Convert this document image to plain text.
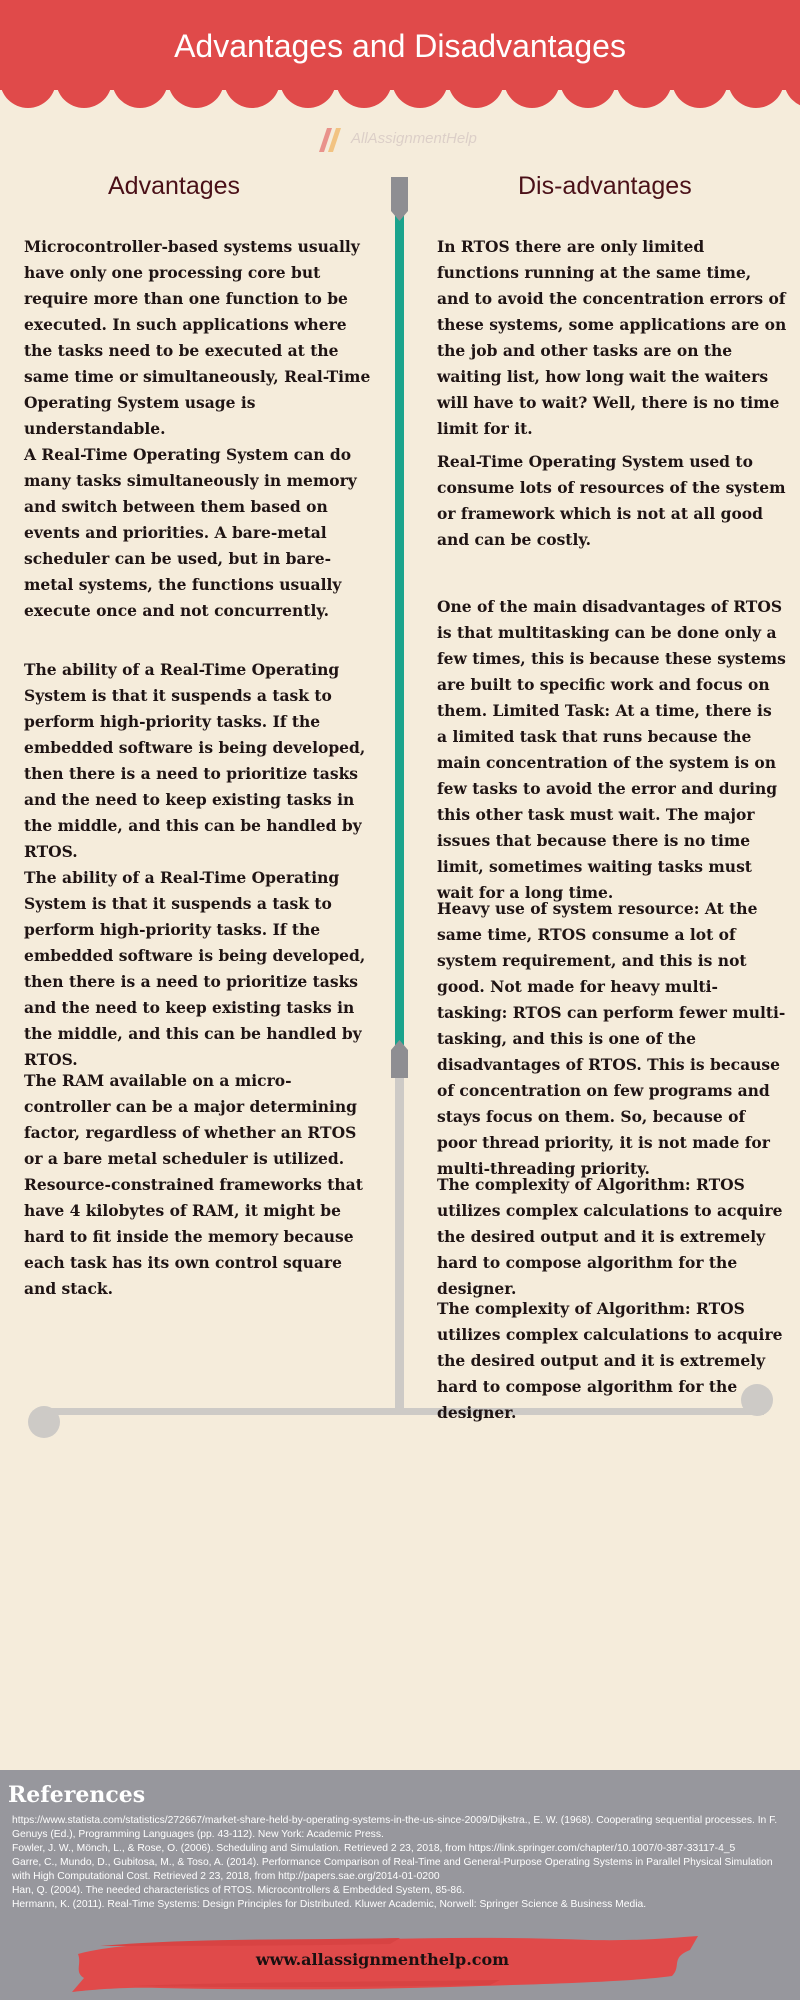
Advantages and Disadvantages
AllAssignmentHelp
Advantages	Dis-advantages
Microcontroller-based systems usually have only one processing core but require more than one function to be executed. In such applications where the tasks need to be executed at the same time or simultaneously, Real-Time Operating System usage is understandable.
A Real-Time Operating System can do many tasks simultaneously in memory and switch between them based on events and priorities. A bare-metal scheduler can be used, but in bare-metal systems, the functions usually execute once and not concurrently.
The ability of a Real-Time Operating System is that it suspends a task to perform high-priority tasks. If the embedded software is being developed, then there is a need to prioritize tasks and the need to keep existing tasks in the middle, and this can be handled by RTOS.
The ability of a Real-Time Operating System is that it suspends a task to perform high-priority tasks. If the embedded software is being developed, then there is a need to prioritize tasks and the need to keep existing tasks in the middle, and this can be handled by RTOS.
The RAM available on a micro-controller can be a major determining factor, regardless of whether an RTOS or a bare metal scheduler is utilized. Resource-constrained frameworks that have 4 kilobytes of RAM, it might be hard to fit inside the memory because each task has its own control square and stack.
In RTOS there are only limited functions running at the same time, and to avoid the concentration errors of these systems, some applications are on the job and other tasks are on the waiting list, how long wait the waiters will have to wait? Well, there is no time limit for it.
Real-Time Operating System used to consume lots of resources of the system or framework which is not at all good and can be costly.
One of the main disadvantages of RTOS is that multitasking can be done only a few times, this is because these systems are built to specific work and focus on them. Limited Task: At a time, there is a limited task that runs because the main concentration of the system is on few tasks to avoid the error and during this other task must wait. The major issues that because there is no time limit, sometimes waiting tasks must wait for a long time.
Heavy use of system resource: At the same time, RTOS consume a lot of system requirement, and this is not good. Not made for heavy multi-tasking: RTOS can perform fewer multi-tasking, and this is one of the disadvantages of RTOS. This is because of concentration on few programs and stays focus on them. So, because of poor thread priority, it is not made for multi-threading priority.
The complexity of Algorithm: RTOS utilizes complex calculations to acquire the desired output and it is extremely hard to compose algorithm for the designer.
The complexity of Algorithm: RTOS utilizes complex calculations to acquire the desired output and it is extremely hard to compose algorithm for the designer.
References
https://www.statista.com/statistics/272667/market-share-held-by-operating-systems-in-the-us-since-2009/Dijkstra., E. W. (1968). Cooperating sequential processes. In F. Genuys (Ed.), Programming Languages (pp. 43-112). New York: Academic Press.
Fowler, J. W., Mönch, L., & Rose, O. (2006). Scheduling and Simulation. Retrieved 2 23, 2018, from https://link.springer.com/chapter/10.1007/0-387-33117-4_5
Garre, C., Mundo, D., Gubitosa, M., & Toso, A. (2014). Performance Comparison of Real-Time and General-Purpose Operating Systems in Parallel Physical Simulation with High Computational Cost. Retrieved 2 23, 2018, from http://papers.sae.org/2014-01-0200
Han, Q. (2004). The needed characteristics of RTOS. Microcontrollers & Embedded System, 85-86.
Hermann, K. (2011). Real-Time Systems: Design Principles for Distributed. Kluwer Academic, Norwell: Springer Science & Business Media.
www.allassignmenthelp.com
